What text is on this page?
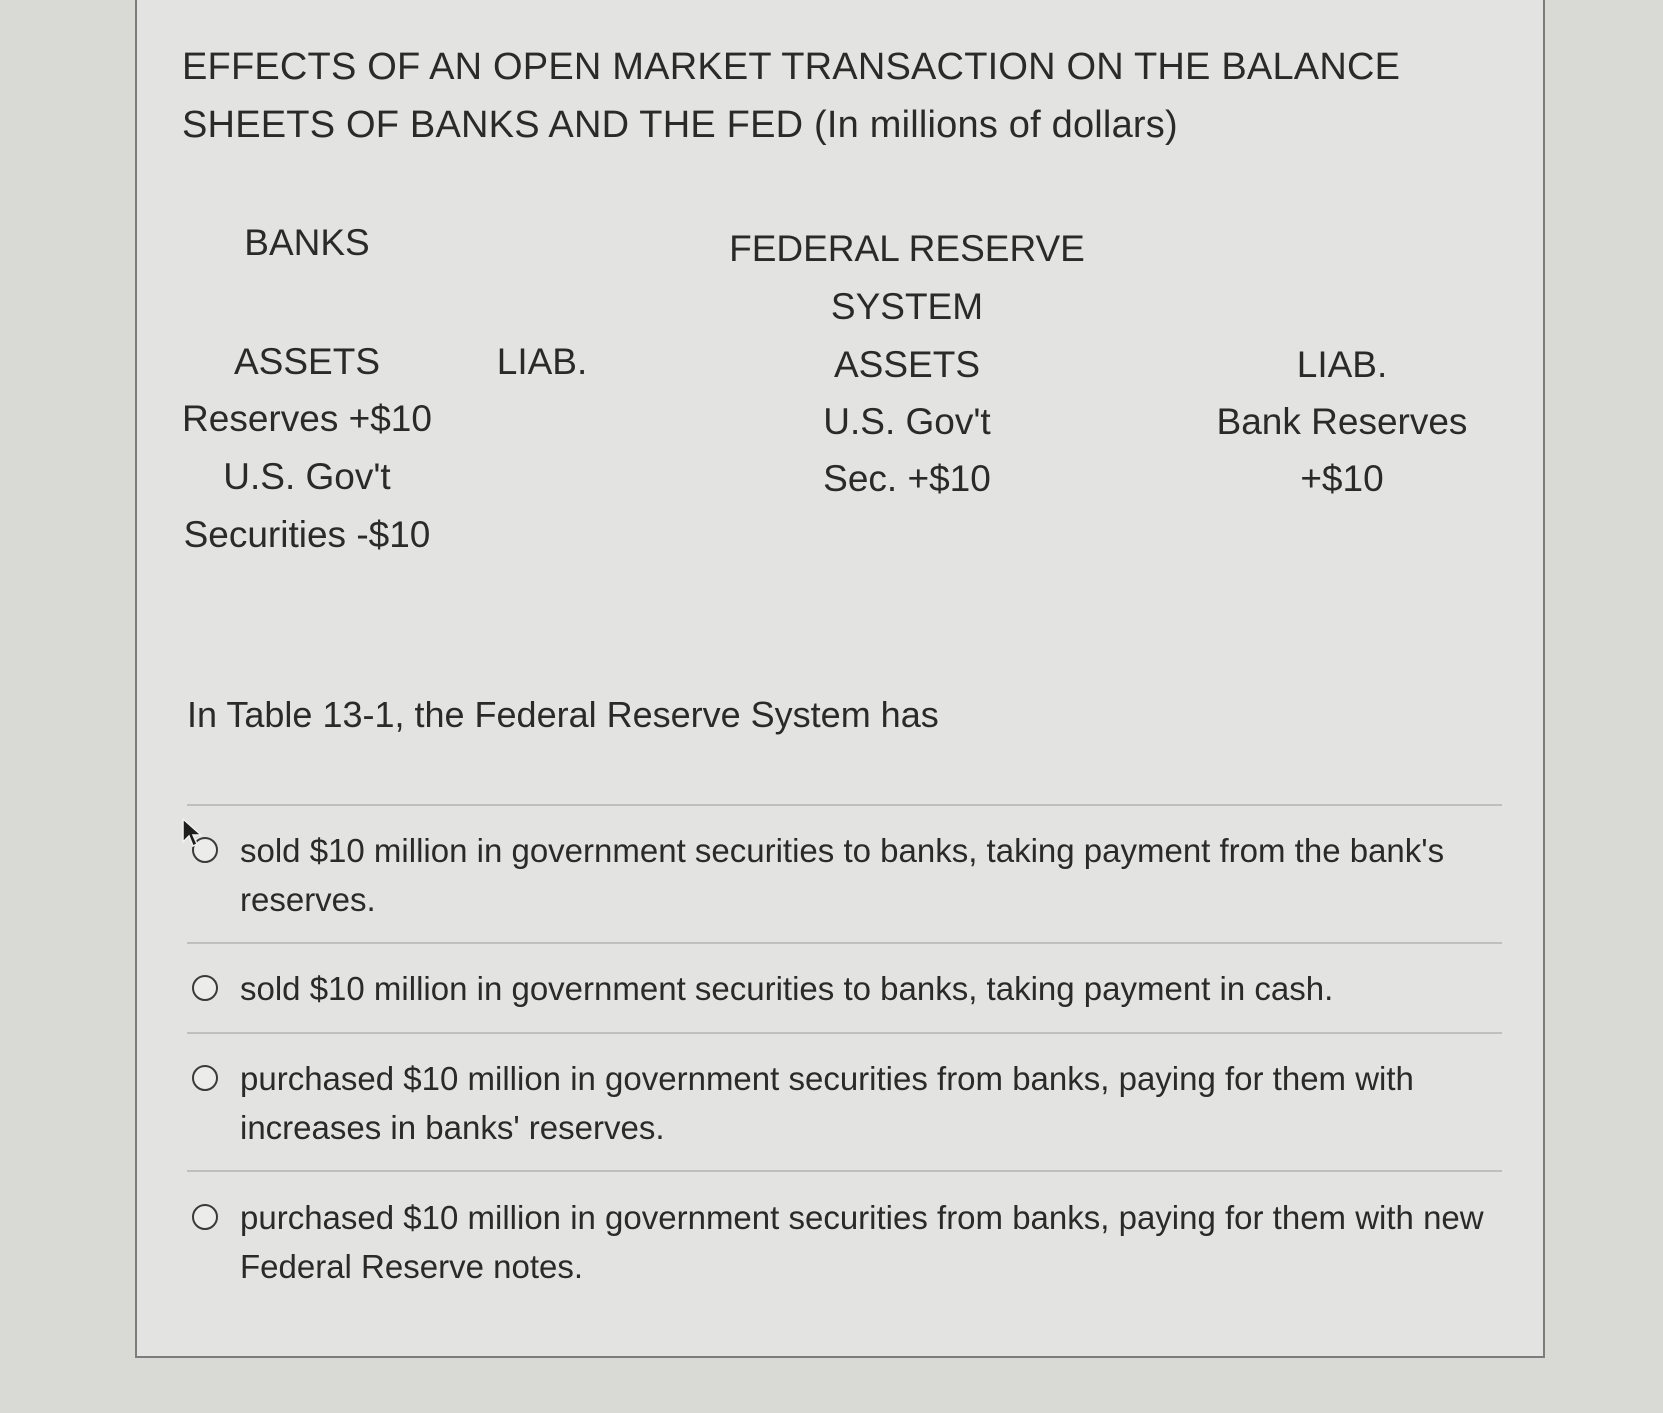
EFFECTS OF AN OPEN MARKET TRANSACTION ON THE BALANCE SHEETS OF BANKS AND THE FED (In millions of dollars)
BANKS
ASSETS	LIAB.
Reserves +$10
U.S. Gov't
Securities -$10
FEDERAL RESERVE
SYSTEM
ASSETS
U.S. Gov't
Sec. +$10
LIAB.
Bank Reserves
+$10
In Table 13-1, the Federal Reserve System has
sold $10 million in government securities to banks, taking payment from the bank's reserves.
sold $10 million in government securities to banks, taking payment in cash.
purchased $10 million in government securities from banks, paying for them with increases in banks' reserves.
purchased $10 million in government securities from banks, paying for them with new Federal Reserve notes.
